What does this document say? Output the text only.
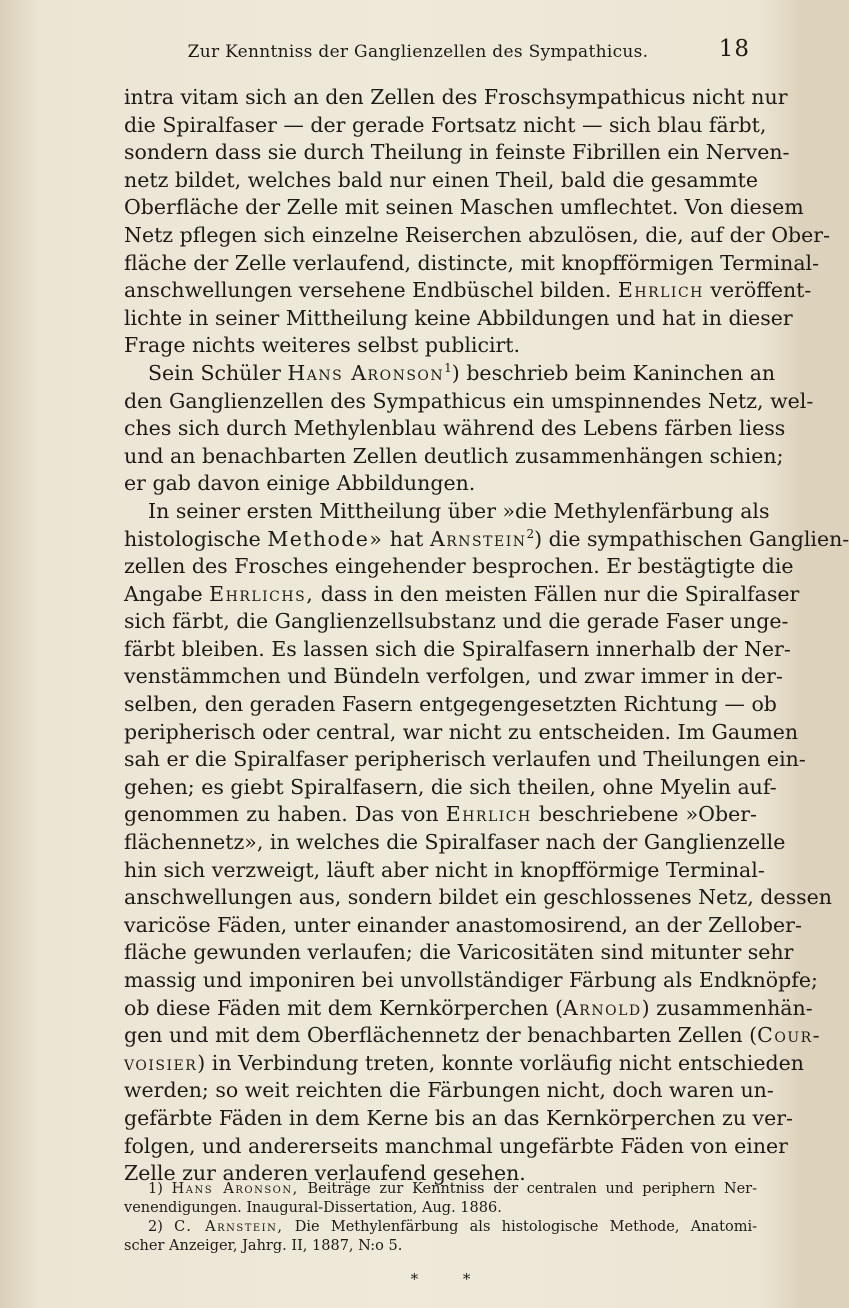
Zur Kenntniss der Ganglienzellen des Sympathicus.	18
intra vitam sich an den Zellen des Froschsympathicus nicht nur
die Spiralfaser — der gerade Fortsatz nicht — sich blau färbt,
sondern dass sie durch Theilung in feinste Fibrillen ein Nerven-
netz bildet, welches bald nur einen Theil, bald die gesammte
Oberfläche der Zelle mit seinen Maschen umflechtet. Von diesem
Netz pflegen sich einzelne Reiserchen abzulösen, die, auf der Ober-
fläche der Zelle verlaufend, distincte, mit knopfförmigen Terminal-
anschwellungen versehene Endbüschel bilden. Ehrlich veröffent-
lichte in seiner Mittheilung keine Abbildungen und hat in dieser
Frage nichts weiteres selbst publicirt.
Sein Schüler Hans Aronson$^1$) beschrieb beim Kaninchen an
den Ganglienzellen des Sympathicus ein umspinnendes Netz, wel-
ches sich durch Methylenblau während des Lebens färben liess
und an benachbarten Zellen deutlich zusammenhängen schien;
er gab davon einige Abbildungen.
In seiner ersten Mittheilung über »die Methylenfärbung als
histologische Methode» hat Arnstein$^2$) die sympathischen Ganglien-
zellen des Frosches eingehender besprochen. Er bestägtigte die
Angabe Ehrlichs, dass in den meisten Fällen nur die Spiralfaser
sich färbt, die Ganglienzellsubstanz und die gerade Faser unge-
färbt bleiben. Es lassen sich die Spiralfasern innerhalb der Ner-
venstämmchen und Bündeln verfolgen, und zwar immer in der-
selben, den geraden Fasern entgegengesetzten Richtung — ob
peripherisch oder central, war nicht zu entscheiden. Im Gaumen
sah er die Spiralfaser peripherisch verlaufen und Theilungen ein-
gehen; es giebt Spiralfasern, die sich theilen, ohne Myelin auf-
genommen zu haben. Das von Ehrlich beschriebene »Ober-
flächennetz», in welches die Spiralfaser nach der Ganglienzelle
hin sich verzweigt, läuft aber nicht in knopfförmige Terminal-
anschwellungen aus, sondern bildet ein geschlossenes Netz, dessen
varicöse Fäden, unter einander anastomosirend, an der Zellober-
fläche gewunden verlaufen; die Varicositäten sind mitunter sehr
massig und imponiren bei unvollständiger Färbung als Endknöpfe;
ob diese Fäden mit dem Kernkörperchen (Arnold) zusammenhän-
gen und mit dem Oberflächennetz der benachbarten Zellen (Cour-
voisier) in Verbindung treten, konnte vorläufig nicht entschieden
werden; so weit reichten die Färbungen nicht, doch waren un-
gefärbte Fäden in dem Kerne bis an das Kernkörperchen zu ver-
folgen, und andererseits manchmal ungefärbte Fäden von einer
Zelle zur anderen verlaufend gesehen.
1) Hans Aronson, Beiträge zur Kenntniss der centralen und periphern Ner-
venendigungen. Inaugural-Dissertation, Aug. 1886.
2) C. Arnstein, Die Methylenfärbung als histologische Methode, Anatomi-
scher Anzeiger, Jahrg. II, 1887, N:o 5.
* *
